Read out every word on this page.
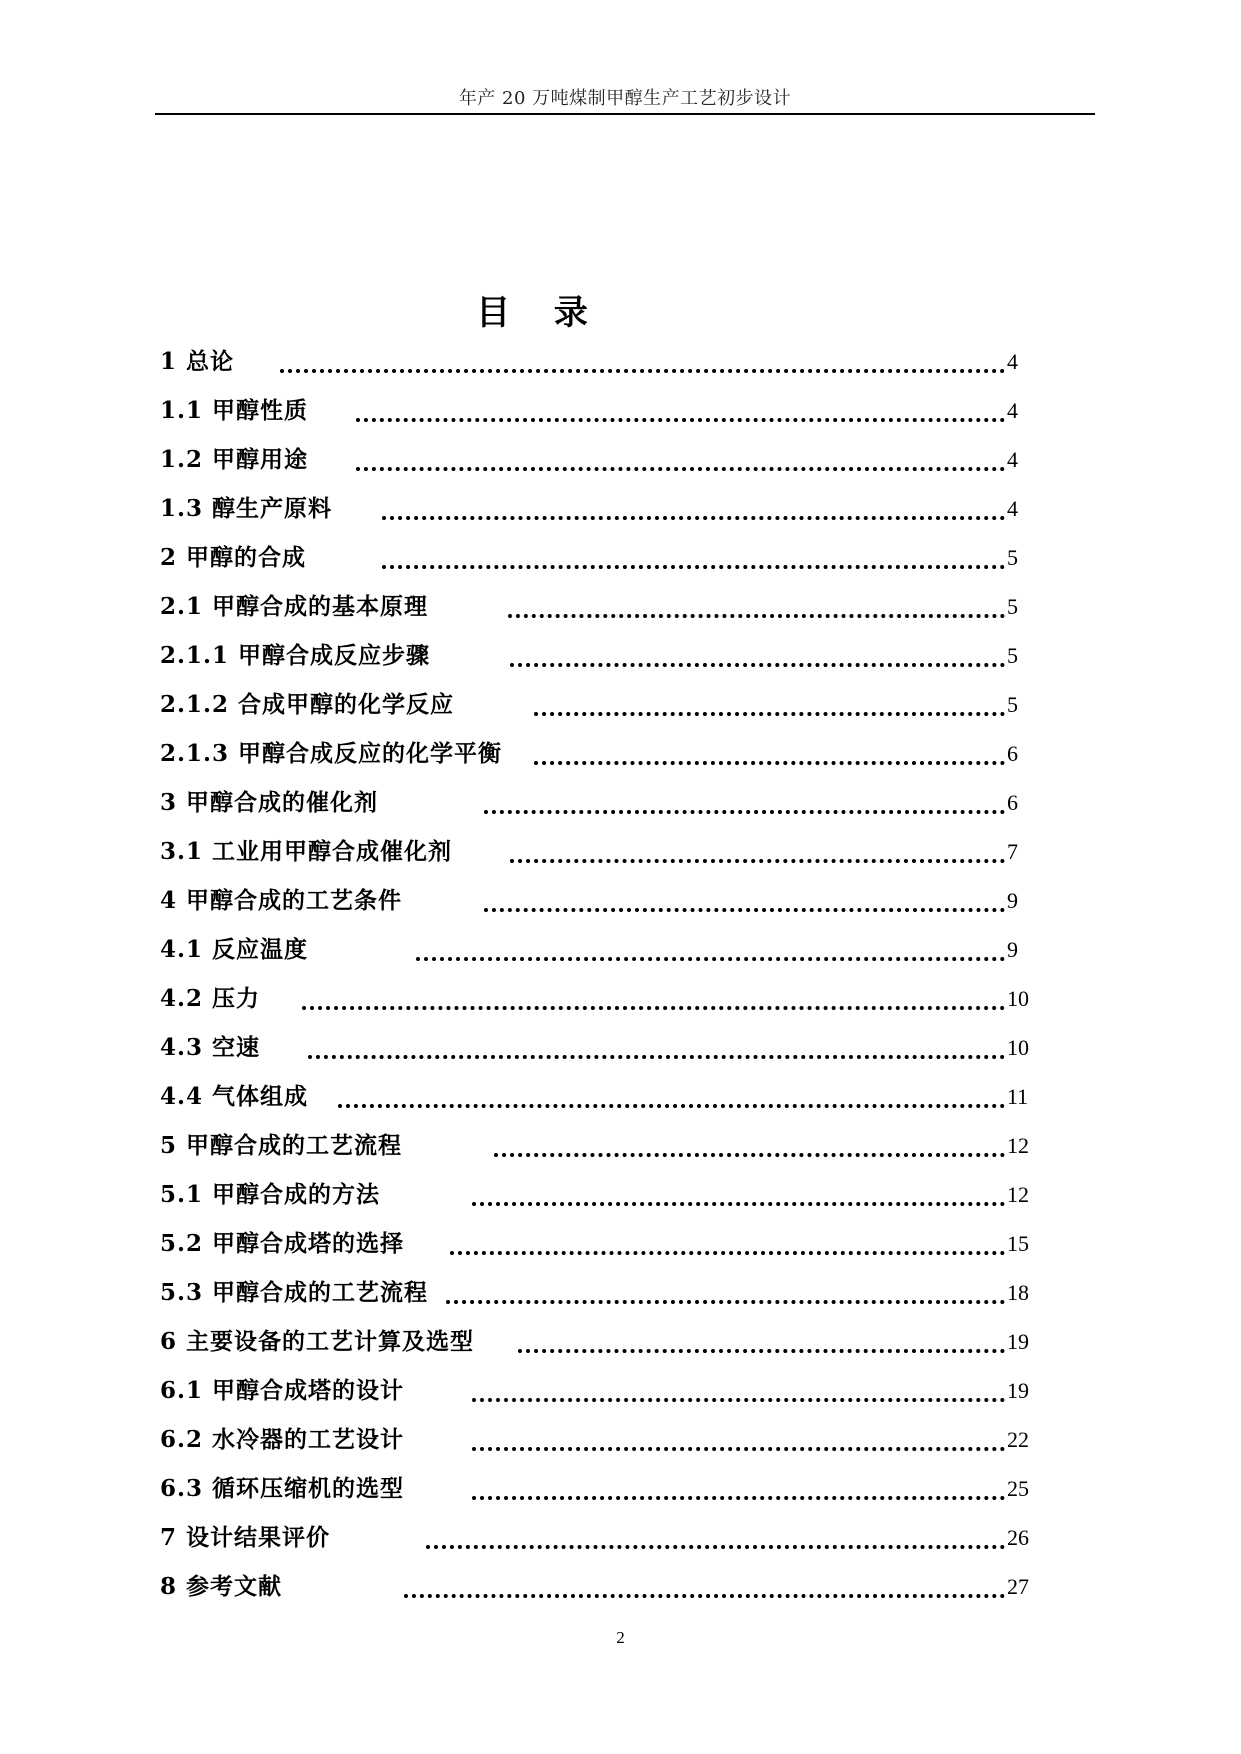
年产 20 万吨煤制甲醇生产工艺初步设计
目 录
1 总论	4
1.1 甲醇性质	4
1.2 甲醇用途	4
1.3 醇生产原料	4
2 甲醇的合成	5
2.1 甲醇合成的基本原理	5
2.1.1 甲醇合成反应步骤	5
2.1.2 合成甲醇的化学反应	5
2.1.3 甲醇合成反应的化学平衡	6
3 甲醇合成的催化剂	6
3.1 工业用甲醇合成催化剂	7
4 甲醇合成的工艺条件	9
4.1 反应温度	9
4.2 压力	10
4.3 空速	10
4.4 气体组成	11
5 甲醇合成的工艺流程	12
5.1 甲醇合成的方法	12
5.2 甲醇合成塔的选择	15
5.3 甲醇合成的工艺流程	18
6 主要设备的工艺计算及选型	19
6.1 甲醇合成塔的设计	19
6.2 水冷器的工艺设计	22
6.3 循环压缩机的选型	25
7 设计结果评价	26
8 参考文献	27
2
